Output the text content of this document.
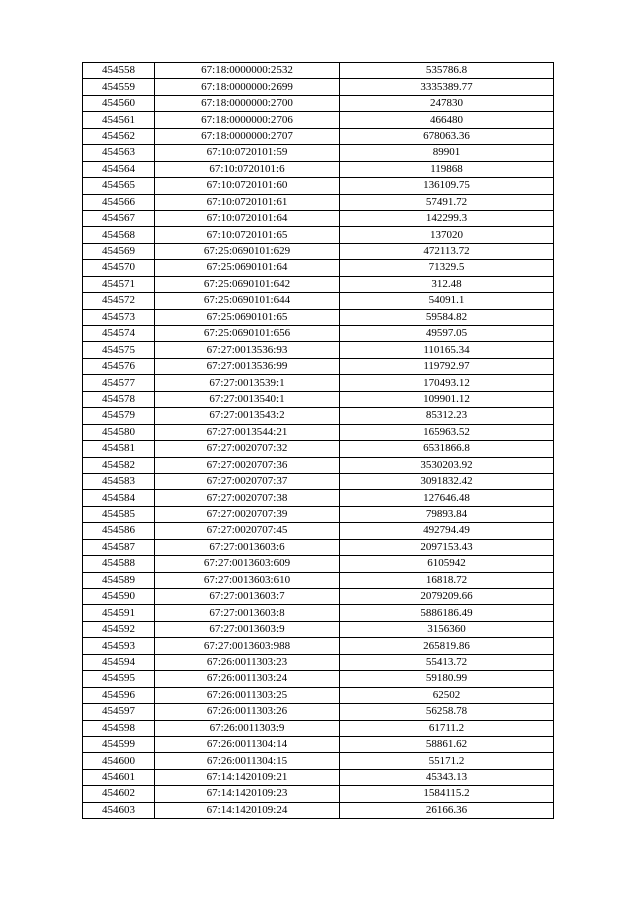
454558	67:18:0000000:2532	535786.8
454559	67:18:0000000:2699	3335389.77
454560	67:18:0000000:2700	247830
454561	67:18:0000000:2706	466480
454562	67:18:0000000:2707	678063.36
454563	67:10:0720101:59	89901
454564	67:10:0720101:6	119868
454565	67:10:0720101:60	136109.75
454566	67:10:0720101:61	57491.72
454567	67:10:0720101:64	142299.3
454568	67:10:0720101:65	137020
454569	67:25:0690101:629	472113.72
454570	67:25:0690101:64	71329.5
454571	67:25:0690101:642	312.48
454572	67:25:0690101:644	54091.1
454573	67:25:0690101:65	59584.82
454574	67:25:0690101:656	49597.05
454575	67:27:0013536:93	110165.34
454576	67:27:0013536:99	119792.97
454577	67:27:0013539:1	170493.12
454578	67:27:0013540:1	109901.12
454579	67:27:0013543:2	85312.23
454580	67:27:0013544:21	165963.52
454581	67:27:0020707:32	6531866.8
454582	67:27:0020707:36	3530203.92
454583	67:27:0020707:37	3091832.42
454584	67:27:0020707:38	127646.48
454585	67:27:0020707:39	79893.84
454586	67:27:0020707:45	492794.49
454587	67:27:0013603:6	2097153.43
454588	67:27:0013603:609	6105942
454589	67:27:0013603:610	16818.72
454590	67:27:0013603:7	2079209.66
454591	67:27:0013603:8	5886186.49
454592	67:27:0013603:9	3156360
454593	67:27:0013603:988	265819.86
454594	67:26:0011303:23	55413.72
454595	67:26:0011303:24	59180.99
454596	67:26:0011303:25	62502
454597	67:26:0011303:26	56258.78
454598	67:26:0011303:9	61711.2
454599	67:26:0011304:14	58861.62
454600	67:26:0011304:15	55171.2
454601	67:14:1420109:21	45343.13
454602	67:14:1420109:23	1584115.2
454603	67:14:1420109:24	26166.36
